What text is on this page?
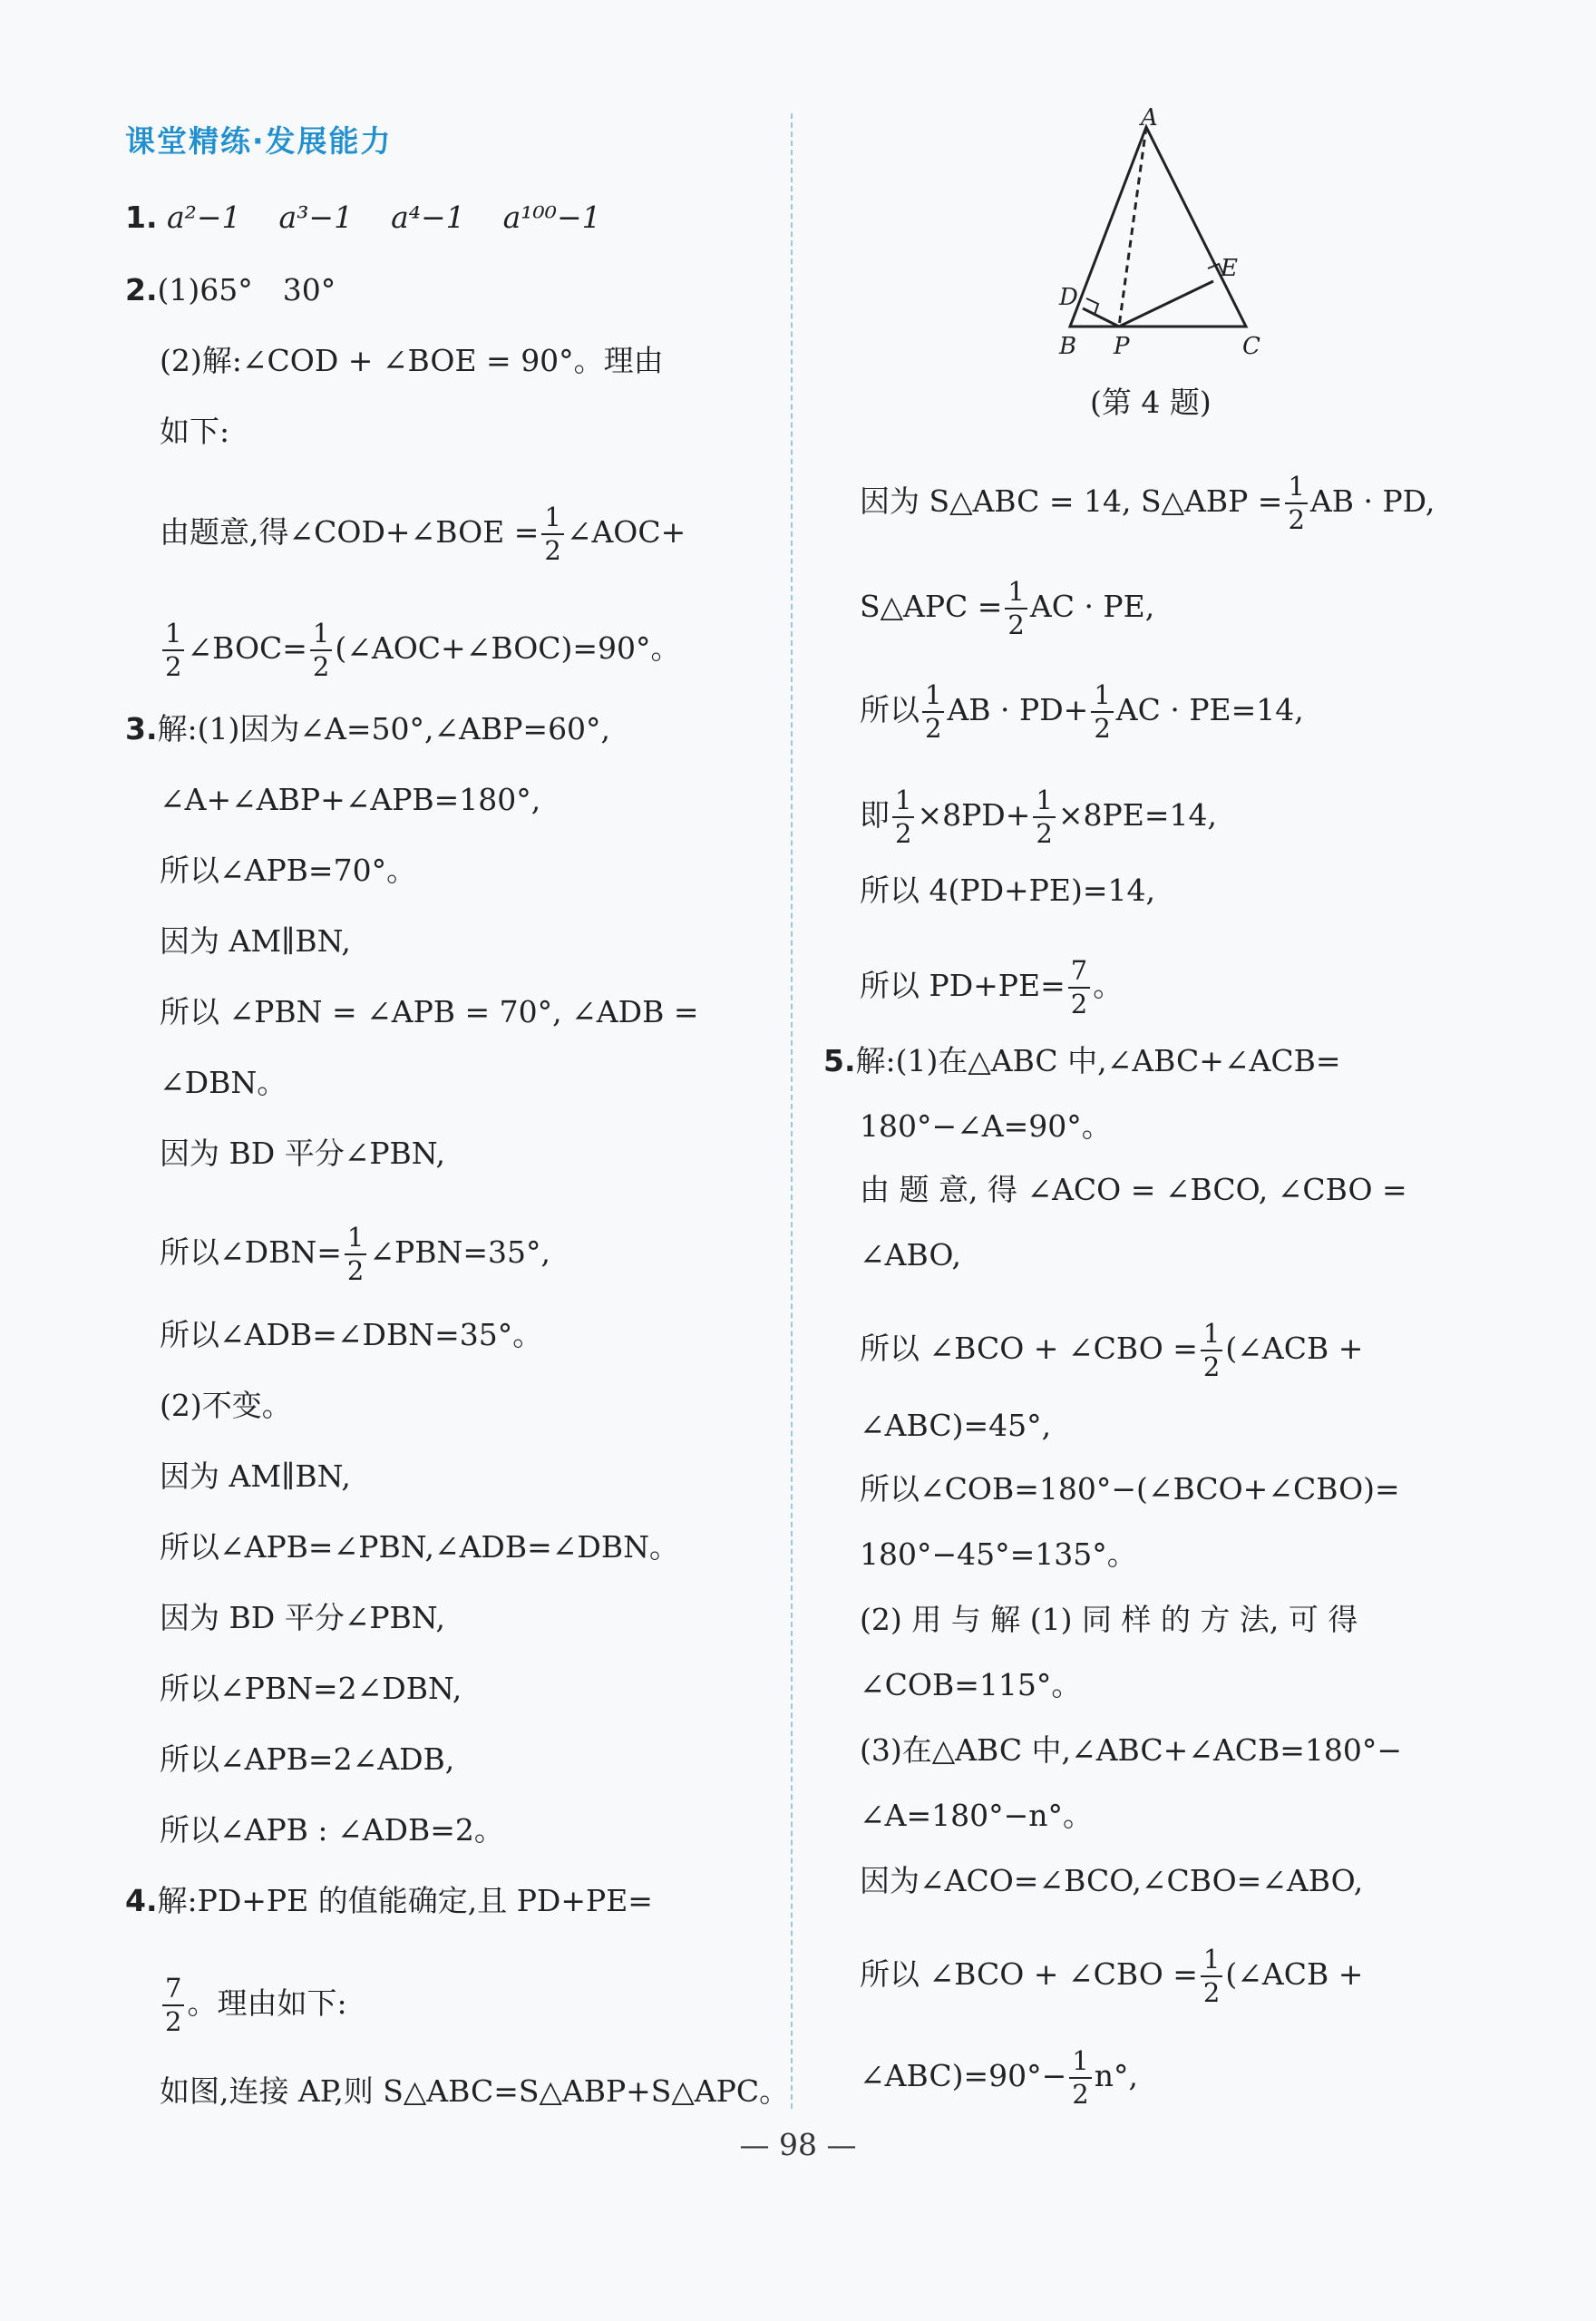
课堂精练·发展能力
1. a²−1 a³−1 a⁴−1 a¹⁰⁰−1
2.(1)65°　30°
(2)解:∠COD + ∠BOE = 90°。理由
如下:
由题意,得∠COD+∠BOE = $\frac{1}{2}$ ∠AOC+
$\frac{1}{2}$ ∠BOC= $\frac{1}{2}$ (∠AOC+∠BOC)=90°。
3.解:(1)因为∠A=50°,∠ABP=60°,
∠A+∠ABP+∠APB=180°,
所以∠APB=70°。
因为 AM∥BN,
所以 ∠PBN = ∠APB = 70°, ∠ADB =
∠DBN。
因为 BD 平分∠PBN,
所以∠DBN= $\frac{1}{2}$ ∠PBN=35°,
所以∠ADB=∠DBN=35°。
(2)不变。
因为 AM∥BN,
所以∠APB=∠PBN,∠ADB=∠DBN。
因为 BD 平分∠PBN,
所以∠PBN=2∠DBN,
所以∠APB=2∠ADB,
所以∠APB : ∠ADB=2。
4.解:PD+PE 的值能确定,且 PD+PE=
$\frac{7}{2}$ 。理由如下:
如图,连接 AP,则 S△ABC=S△ABP+S△APC。
A
D
E
B P	C
(第 4 题)
因为 S△ABC = 14, S△ABP = $\frac{1}{2}$ AB · PD,
S△APC = $\frac{1}{2}$ AC · PE,
所以 $\frac{1}{2}$ AB · $PD+ \frac{1}{2}$ AC · PE=14,
即 $\frac{1}{2} \times 8PD+ \frac{1}{2} \times 8PE=14$,
所以 4(PD+PE)=14,
所以 $PD+PE= \frac{7}{2}$ 。
5.解:(1)在△ABC 中,∠ABC+∠ACB=
180°−∠A=90°。
由 题 意, 得 ∠ACO = ∠BCO, ∠CBO =
∠ABO,
所以 ∠BCO + ∠CBO = $\frac{1}{2}$ (∠ACB +
∠ABC)=45°,
所以∠COB=180°−(∠BCO+∠CBO)=
180°−45°=135°。
(2) 用 与 解 (1) 同 样 的 方 法, 可 得
∠COB=115°。
(3)在△ABC 中,∠ABC+∠ACB=180°−
∠A=180°−n°。
因为∠ACO=∠BCO,∠CBO=∠ABO,
所以 ∠BCO + ∠CBO = $\frac{1}{2}$ (∠ACB +
∠ABC)=90°− $\frac{1}{2} n^\circ$,
— 98 —
